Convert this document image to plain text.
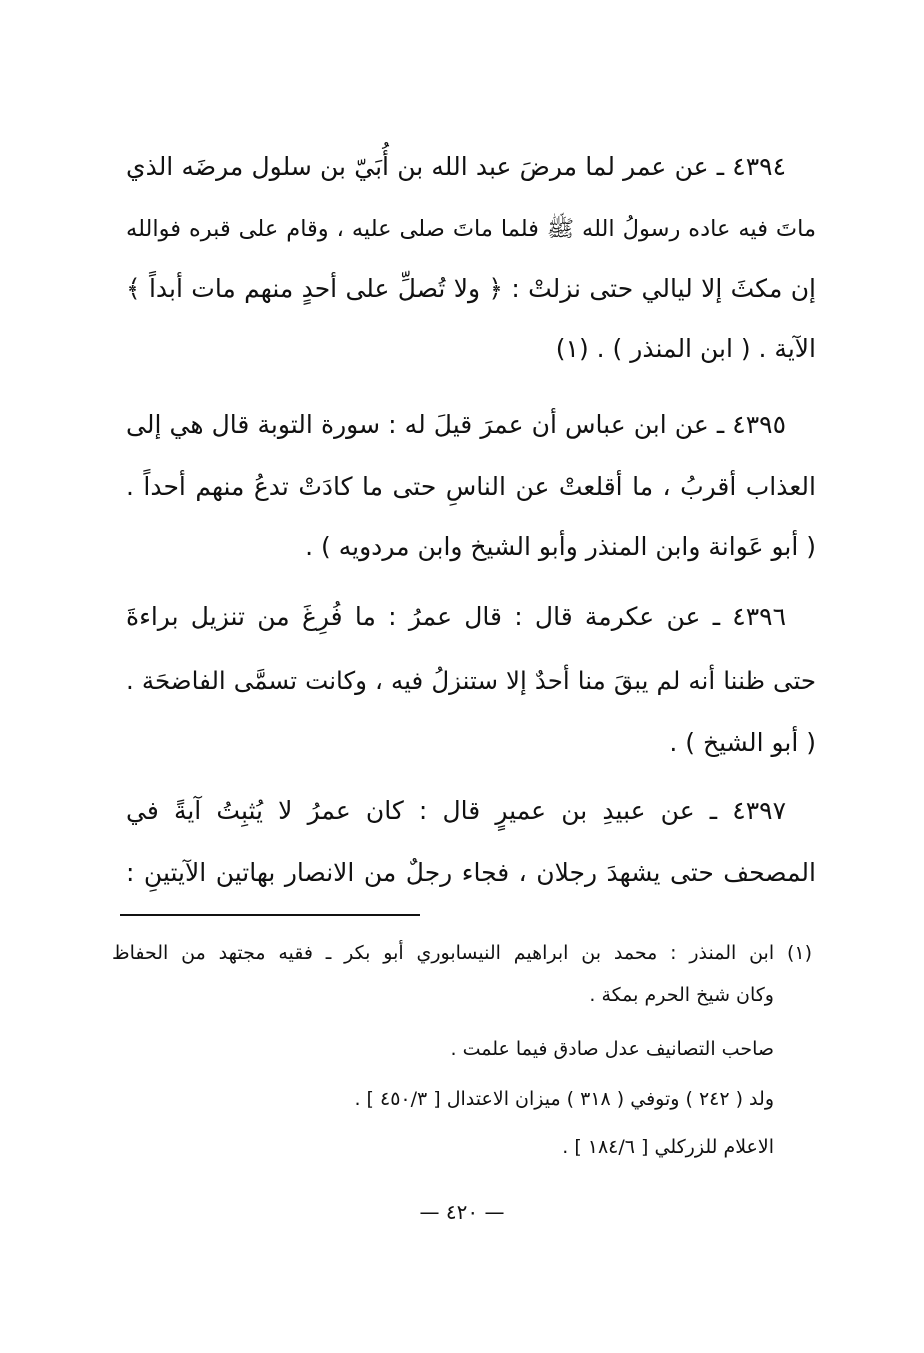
٤٣٩٤ ـ عن عمر لما مرضَ عبد الله بن أُبَيّ بن سلول مرضَه الذي
ماتَ فيه عاده رسولُ الله ﷺ فلما ماتَ صلى عليه ، وقام على قبره فوالله
إن مكثَ إلا ليالي حتى نزلتْ : ﴿ ولا تُصلِّ على أحدٍ منهم مات أبداً ﴾
الآية . ( ابن المنذر ) . (١)
٤٣٩٥ ـ عن ابن عباس أن عمرَ قيلَ له : سورة التوبة قال هي إلى
العذاب أقربُ ، ما أقلعتْ عن الناسِ حتى ما كادَتْ تدعُ منهم أحداً .
( أبو عَوانة وابن المنذر وأبو الشيخ وابن مردويه ) .
٤٣٩٦ ـ عن عكرمة قال : قال عمرُ : ما فُرِغَ من تنزيل براءةَ
حتى ظننا أنه لم يبقَ منا أحدٌ إلا ستنزلُ فيه ، وكانت تسمَّى الفاضحَة .
( أبو الشيخ ) .
٤٣٩٧ ـ عن عبيدِ بن عميرٍ قال : كان عمرُ لا يُثبِتُ آيةً في
المصحف حتى يشهدَ رجلان ، فجاء رجلٌ من الانصار بهاتين الآيتينِ :
(١) ابن المنذر : محمد بن ابراهيم النيسابوري أبو بكر ـ فقيه مجتهد من الحفاظ
وكان شيخ الحرم بمكة .
صاحب التصانيف عدل صادق فيما علمت .
ولد ( ٢٤٢ ) وتوفي ( ٣١٨ ) ميزان الاعتدال [ ٤٥٠/٣ ] .
الاعلام للزركلي [ ١٨٤/٦ ] .
— ٤٢٠ —
